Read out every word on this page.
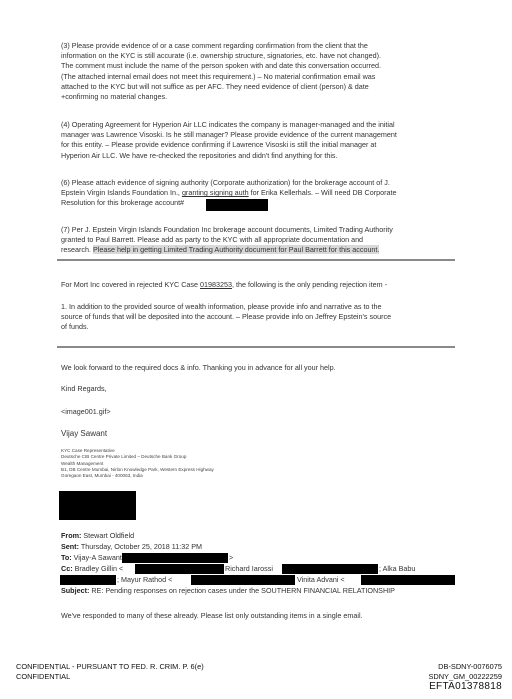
(3) Please provide evidence of or a case comment regarding confirmation from the client that the
information on the KYC is still accurate (i.e. ownership structure, signatories, etc. have not changed).
The comment must include the name of the person spoken with and date this conversation occurred.
(The attached internal email does not meet this requirement.) – No material confirmation email was
attached to the KYC but will not suffice as per AFC. They need evidence of client (person) & date
+confirming no material changes.
(4) Operating Agreement for Hyperion Air LLC indicates the company is manager-managed and the initial
manager was Lawrence Visoski. Is he still manager? Please provide evidence of the current management
for this entity. – Please provide evidence confirming if Lawrence Visoski is still the initial manager at
Hyperion Air LLC. We have re-checked the repositories and didn't find anything for this.
(6) Please attach evidence of signing authority (Corporate authorization) for the brokerage account of J.
Epstein Virgin Islands Foundation In., granting signing auth for Erika Kellerhals. – Will need DB Corporate
Resolution for this brokerage account#
(7) Per J. Epstein Virgin Islands Foundation Inc brokerage account documents, Limited Trading Authority
granted to Paul Barrett. Please add as party to the KYC with all appropriate documentation and
research. Please help in getting Limited Trading Authority document for Paul Barrett for this account.
For Mort Inc covered in rejected KYC Case 01983253, the following is the only pending rejection item -
1. In addition to the provided source of wealth information, please provide info and narrative as to the
source of funds that will be deposited into the account. – Please provide info on Jeffrey Epstein's source
of funds.
We look forward to the required docs & info. Thanking you in advance for all your help.
Kind Regards,
<image001.gif>
Vijay Sawant
KYC Case Representative
Deutsche CIB Centre Private Limited – Deutsche Bank Group
Wealth Management
B1, DB Centre Mumbai, Nirlon Knowledge Park, Western Express Highway
Goregaon East, Mumbai - 400063, India
From: Stewart Oldfield
Sent: Thursday, October 25, 2018 11:32 PM
To: Vijay-A Sawant	>
Cc: Bradley Gillin <	Richard Iarossi	; Alka Babu
; Mayur Rathod <	Vinita Advani <
Subject: RE: Pending responses on rejection cases under the SOUTHERN FINANCIAL RELATIONSHIP
We've responded to many of these already. Please list only outstanding items in a single email.
CONFIDENTIAL - PURSUANT TO FED. R. CRIM. P. 6(e)
CONFIDENTIAL
DB-SDNY-0076075
SDNY_GM_00222259
EFTA01378818
